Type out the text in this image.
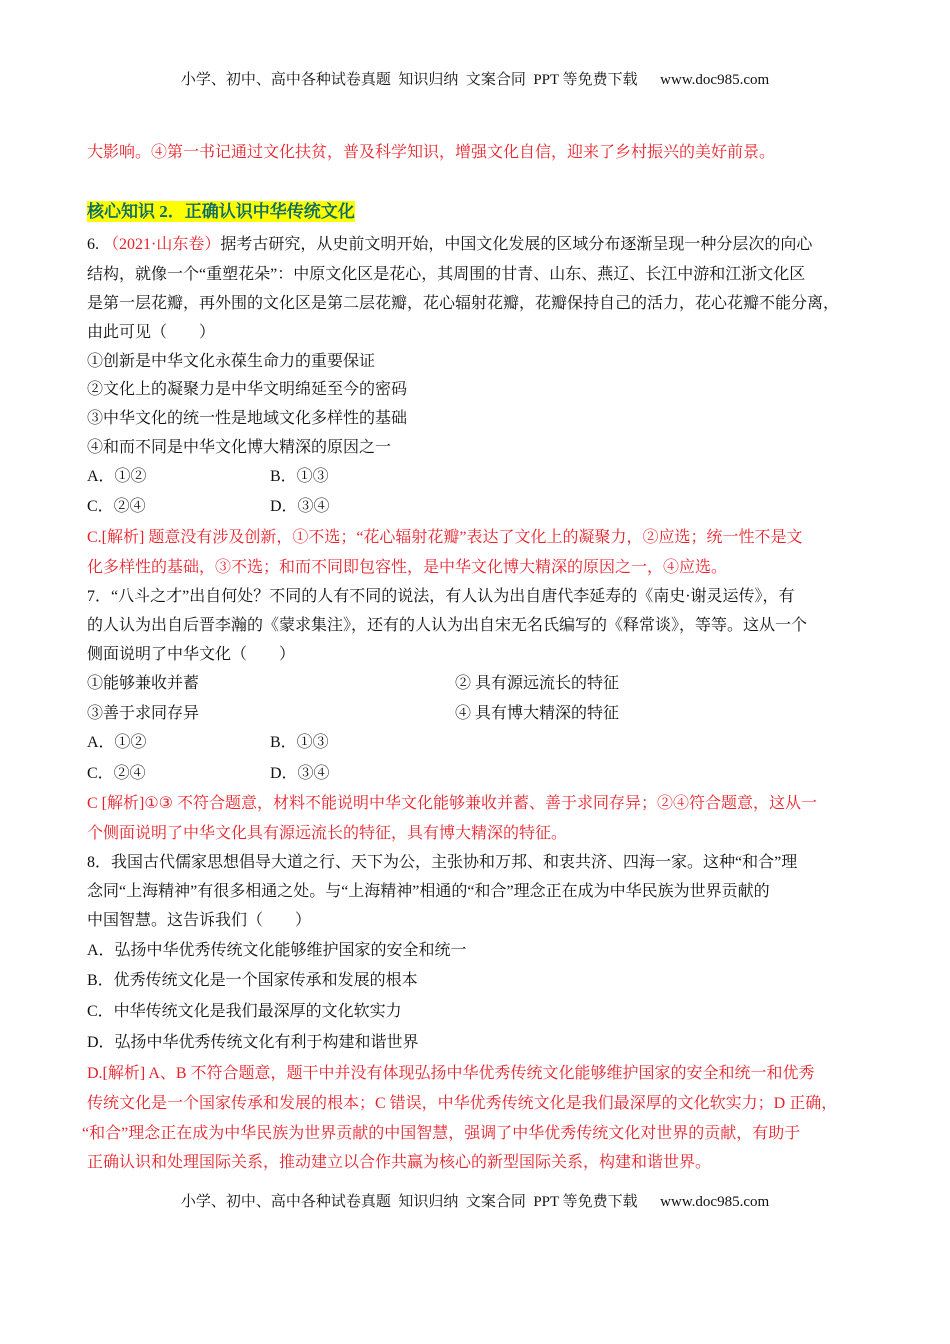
小学、初中、高中各种试卷真题  知识归纳  文案合同  PPT 等免费下载      www.doc985.com
大影响。④第一书记通过文化扶贫，普及科学知识，增强文化自信，迎来了乡村振兴的美好前景。
核心知识 2．正确认识中华传统文化
6. （2021·山东卷）据考古研究，从史前文明开始，中国文化发展的区域分布逐渐呈现一种分层次的向心
结构，就像一个“重塑花朵”：中原文化区是花心，其周围的甘青、山东、燕辽、长江中游和江浙文化区
是第一层花瓣，再外围的文化区是第二层花瓣，花心辐射花瓣，花瓣保持自己的活力，花心花瓣不能分离，
由此可见（　　）
①创新是中华文化永葆生命力的重要保证
②文化上的凝聚力是中华文明绵延至今的密码
③中华文化的统一性是地域文化多样性的基础
④和而不同是中华文化博大精深的原因之一
A．①②	B．①③
C．②④	D．③④
C.[解析] 题意没有涉及创新，①不选；“花心辐射花瓣”表达了文化上的凝聚力，②应选；统一性不是文
化多样性的基础，③不选；和而不同即包容性，是中华文化博大精深的原因之一，④应选。
7．“八斗之才”出自何处？不同的人有不同的说法，有人认为出自唐代李延寿的《南史·谢灵运传》，有
的人认为出自后晋李瀚的《蒙求集注》，还有的人认为出自宋无名氏编写的《释常谈》，等等。这从一个
侧面说明了中华文化（　　）
①能够兼收并蓄	② 具有源远流长的特征
③善于求同存异	④ 具有博大精深的特征
A．①②	B．①③
C．②④	D．③④
C [解析]①③ 不符合题意，材料不能说明中华文化能够兼收并蓄、善于求同存异；②④符合题意，这从一
个侧面说明了中华文化具有源远流长的特征，具有博大精深的特征。
8．我国古代儒家思想倡导大道之行、天下为公，主张协和万邦、和衷共济、四海一家。这种“和合”理
念同“上海精神”有很多相通之处。与“上海精神”相通的“和合”理念正在成为中华民族为世界贡献的
中国智慧。这告诉我们（　　）
A．弘扬中华优秀传统文化能够维护国家的安全和统一
B．优秀传统文化是一个国家传承和发展的根本
C．中华传统文化是我们最深厚的文化软实力
D．弘扬中华优秀传统文化有利于构建和谐世界
D.[解析] A、B 不符合题意，题干中并没有体现弘扬中华优秀传统文化能够维护国家的安全和统一和优秀
传统文化是一个国家传承和发展的根本；C 错误，中华优秀传统文化是我们最深厚的文化软实力；D 正确，
“和合”理念正在成为中华民族为世界贡献的中国智慧，强调了中华优秀传统文化对世界的贡献，有助于
正确认识和处理国际关系，推动建立以合作共赢为核心的新型国际关系，构建和谐世界。
小学、初中、高中各种试卷真题  知识归纳  文案合同  PPT 等免费下载      www.doc985.com
